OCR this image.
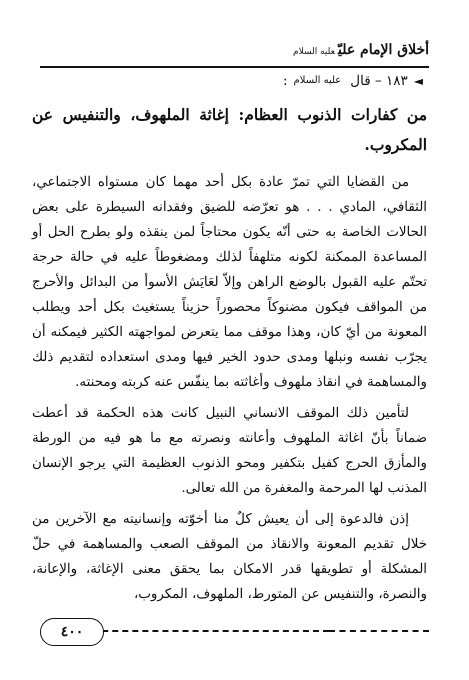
أخلاق الإمام عليّعليه السلام
◄
١٨٣ – قال
عليه السلام
:
من كفارات الذنوب العظام: إغاثة الملهوف، والتنفيس عن المكروب.

من القضايا التي تمرّ عادة بكل أحد مهما كان مستواه الاجتماعي، الثقافي، المادي . . . هو تعرّضه للضيق وفقدانه السيطرة على بعض الحالات الخاصة به حتى أنّه يكون محتاجاً لمن ينقذه ولو بطرح الحل أو المساعدة الممكنة لكونه متلهفاً لذلك ومضغوطاً عليه في حالة حرجة تحتّم عليه القبول بالوضع الراهن وإلاّ لعَايَش الأسوأ من البدائل والأحرج من المواقف فيكون مضنوكاً محصوراً حزيناً يستغيث بكل أحد ويطلب المعونة من أيّ كان، وهذا موقف مما يتعرض لمواجهته الكثير فيمكنه أن يجرّب نفسه ونبلها ومدى حدود الخير فيها ومدى استعداده لتقديم ذلك والمساهمة في انقاذ ملهوف وأغاثته بما ينفّس عنه كربته ومحنته.

لتأمين ذلك الموقف الانساني النبيل كانت هذه الحكمة قد أعطت ضماناً بأنّ اغاثة الملهوف وأعانته ونصرته مع ما هو فيه من الورطة والمأزق الحرج كفيل بتكفير ومحو الذنوب العظيمة التي يرجو الإنسان المذنب لها المرحمة والمغفرة من الله تعالى.

إذن فالدعوة إلى أن يعيش كلٌ منا أخوّته وإنسانيته مع الآخرين من خلال تقديم المعونة والانقاذ من الموقف الصعب والمساهمة في حلّ المشكلة أو تطويقها قدر الامكان بما يحقق معنى الإغاثة، والإعانة، والنصرة، والتنفيس عن المتورط، الملهوف، المكروب،

٤٠٠
